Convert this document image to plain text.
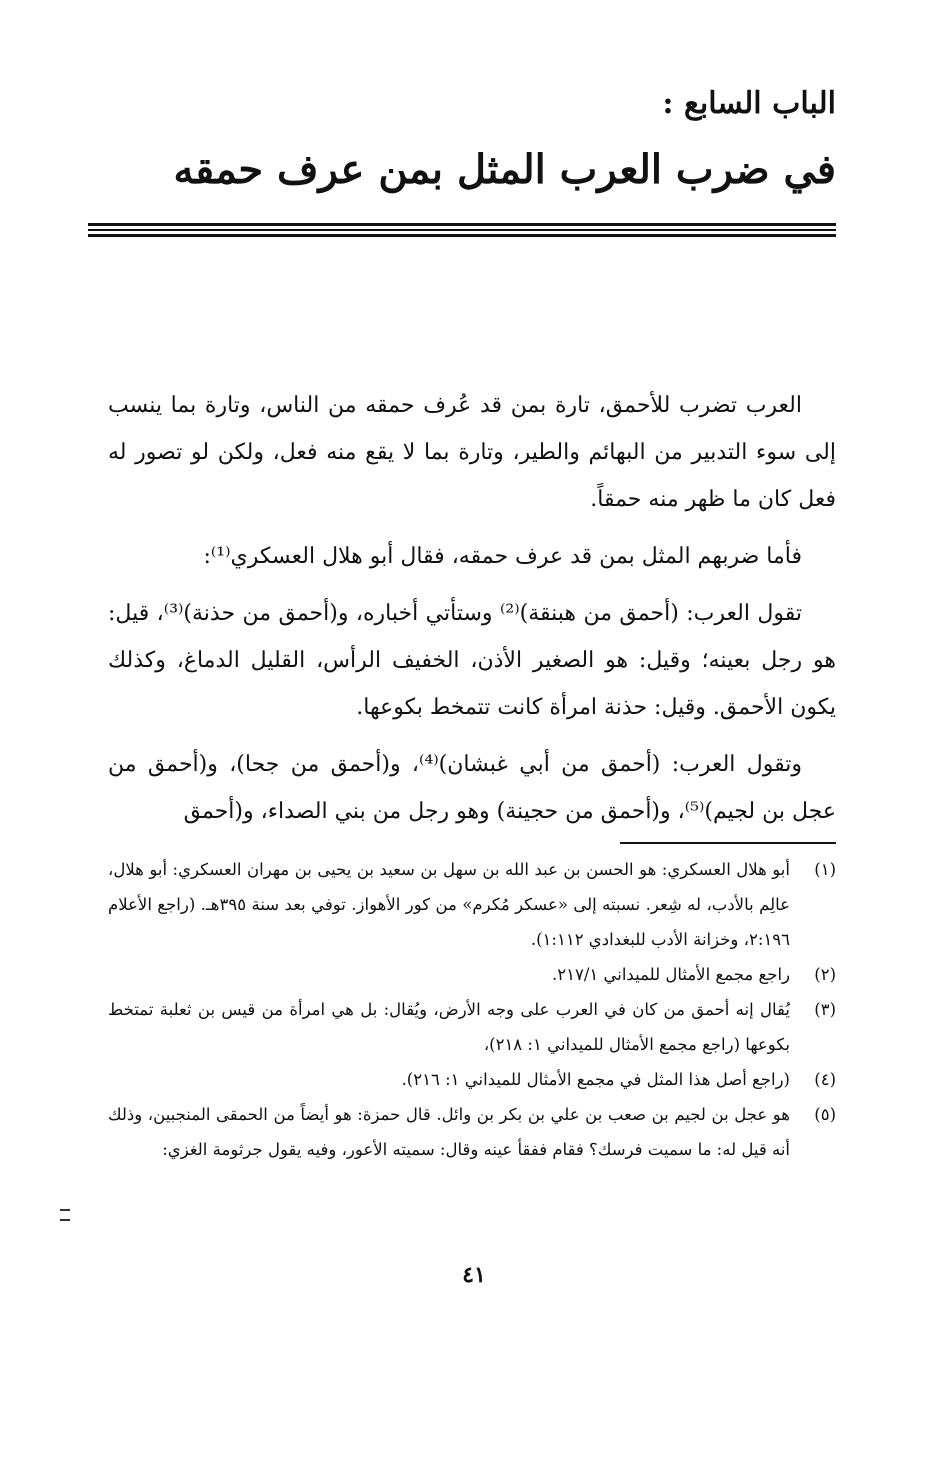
الباب السابع :
في ضرب العرب المثل بمن عرف حمقه

العرب تضرب للأحمق، تارة بمن قد عُرف حمقه من الناس، وتارة بما ينسب إلى سوء التدبير من البهائم والطير، وتارة بما لا يقع منه فعل، ولكن لو تصور له فعل كان ما ظهر منه حمقاً.

فأما ضربهم المثل بمن قد عرف حمقه، فقال أبو هلال العسكري⁽¹⁾:

تقول العرب: (أحمق من هبنقة)⁽²⁾ وستأتي أخباره، و(أحمق من حذنة)⁽³⁾، قيل: هو رجل بعينه؛ وقيل: هو الصغير الأذن، الخفيف الرأس، القليل الدماغ، وكذلك يكون الأحمق. وقيل: حذنة امرأة كانت تتمخط بكوعها.

وتقول العرب: (أحمق من أبي غبشان)⁽⁴⁾، و(أحمق من جحا)، و(أحمق من عجل بن لجيم)⁽⁵⁾، و(أحمق من حجينة) وهو رجل من بني الصداء، و(أحمق

(١)
أبو هلال العسكري: هو الحسن بن عبد الله بن سهل بن سعيد بن يحيى بن مهران العسكري: أبو هلال، عالِم بالأدب، له شِعر. نسبته إلى «عسكر مُكرم» من كور الأهواز. توفي بعد سنة ٣٩٥هـ. (راجع الأعلام ٢:١٩٦، وخزانة الأدب للبغدادي ١:١١٢).
(٢)
راجع مجمع الأمثال للميداني ٢١٧/١.
(٣)
يُقال إنه أحمق من كان في العرب على وجه الأرض، ويُقال: بل هي امرأة من قيس بن ثعلبة تمتخط بكوعها (راجع مجمع الأمثال للميداني ١: ٢١٨)،
(٤)
(راجع أصل هذا المثل في مجمع الأمثال للميداني ١: ٢١٦).
(٥)
هو عجل بن لجيم بن صعب بن علي بن بكر بن وائل. قال حمزة: هو أيضاً من الحمقى المنجبين، وذلك أنه قيل له: ما سميت فرسك؟ فقام ففقأ عينه وقال: سميته الأعور، وفيه يقول جرثومة الغزي:
٤١
